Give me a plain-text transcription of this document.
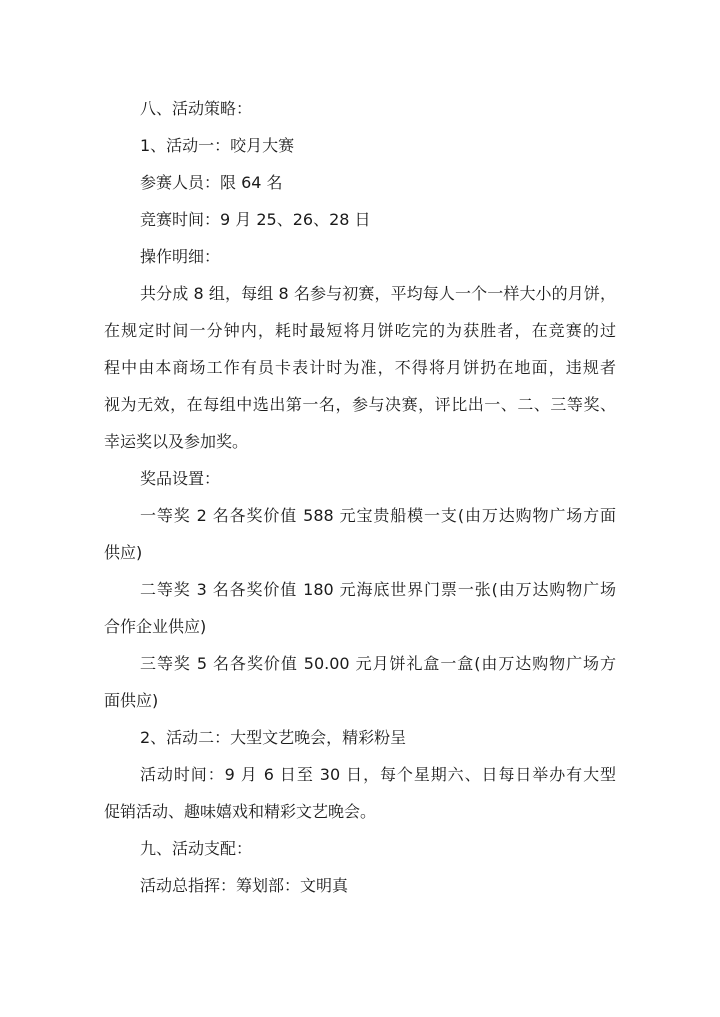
八、活动策略：

1、活动一：咬月大赛

参赛人员：限 64 名

竞赛时间：9 月 25、26、28 日

操作明细：

共分成 8 组，每组 8 名参与初赛，平均每人一个一样大小的月饼，

在规定时间一分钟内，耗时最短将月饼吃完的为获胜者，在竞赛的过

程中由本商场工作有员卡表计时为准，不得将月饼扔在地面，违规者

视为无效，在每组中选出第一名，参与决赛，评比出一、二、三等奖、

幸运奖以及参加奖。

奖品设置：

一等奖 2 名各奖价值 588 元宝贵船模一支(由万达购物广场方面

供应)

二等奖 3 名各奖价值 180 元海底世界门票一张(由万达购物广场

合作企业供应)

三等奖 5 名各奖价值 50.00 元月饼礼盒一盒(由万达购物广场方

面供应)

2、活动二：大型文艺晚会，精彩粉呈

活动时间：9 月 6 日至 30 日，每个星期六、日每日举办有大型

促销活动、趣味嬉戏和精彩文艺晚会。

九、活动支配：

活动总指挥：筹划部：文明真
